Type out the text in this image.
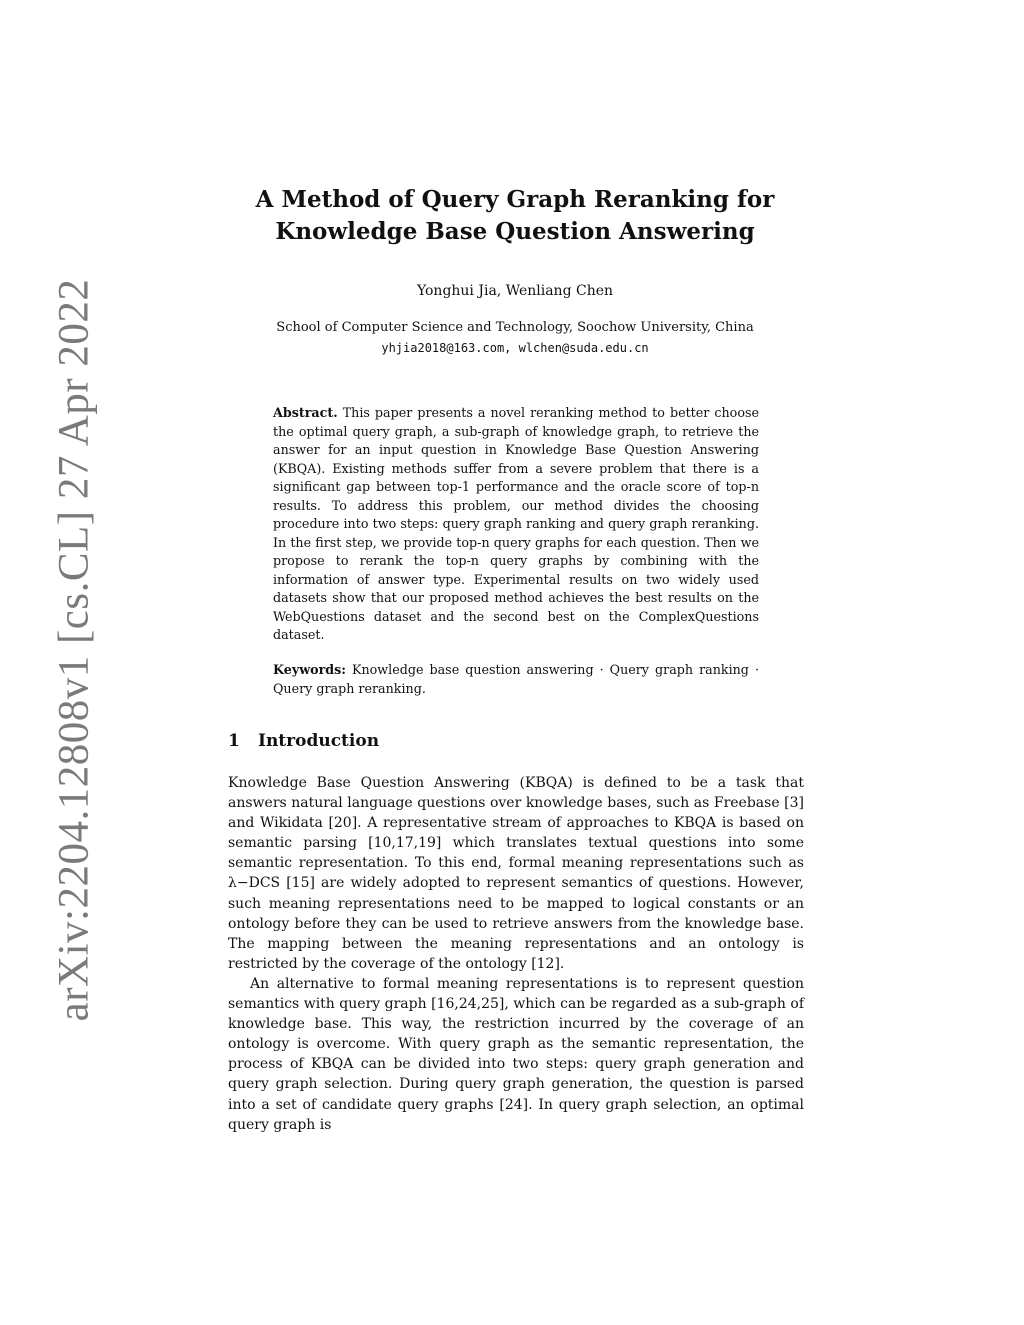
arXiv:2204.12808v1 [cs.CL] 27 Apr 2022
A Method of Query Graph Reranking for
Knowledge Base Question Answering
Yonghui Jia, Wenliang Chen
School of Computer Science and Technology, Soochow University, China
yhjia2018@163.com, wlchen@suda.edu.cn
Abstract. This paper presents a novel reranking method to better choose the optimal query graph, a sub-graph of knowledge graph, to retrieve the answer for an input question in Knowledge Base Question Answering (KBQA). Existing methods suffer from a severe problem that there is a significant gap between top-1 performance and the oracle score of top-n results. To address this problem, our method divides the choosing procedure into two steps: query graph ranking and query graph reranking. In the first step, we provide top-n query graphs for each question. Then we propose to rerank the top-n query graphs by combining with the information of answer type. Experimental results on two widely used datasets show that our proposed method achieves the best results on the WebQuestions dataset and the second best on the ComplexQuestions dataset.
Keywords: Knowledge base question answering · Query graph ranking · Query graph reranking.
1 Introduction
Knowledge Base Question Answering (KBQA) is defined to be a task that answers natural language questions over knowledge bases, such as Freebase [3] and Wikidata [20]. A representative stream of approaches to KBQA is based on semantic parsing [10,17,19] which translates textual questions into some semantic representation. To this end, formal meaning representations such as λ−DCS [15] are widely adopted to represent semantics of questions. However, such meaning representations need to be mapped to logical constants or an ontology before they can be used to retrieve answers from the knowledge base. The mapping between the meaning representations and an ontology is restricted by the coverage of the ontology [12].
An alternative to formal meaning representations is to represent question semantics with query graph [16,24,25], which can be regarded as a sub-graph of knowledge base. This way, the restriction incurred by the coverage of an ontology is overcome. With query graph as the semantic representation, the process of KBQA can be divided into two steps: query graph generation and query graph selection. During query graph generation, the question is parsed into a set of candidate query graphs [24]. In query graph selection, an optimal query graph is
